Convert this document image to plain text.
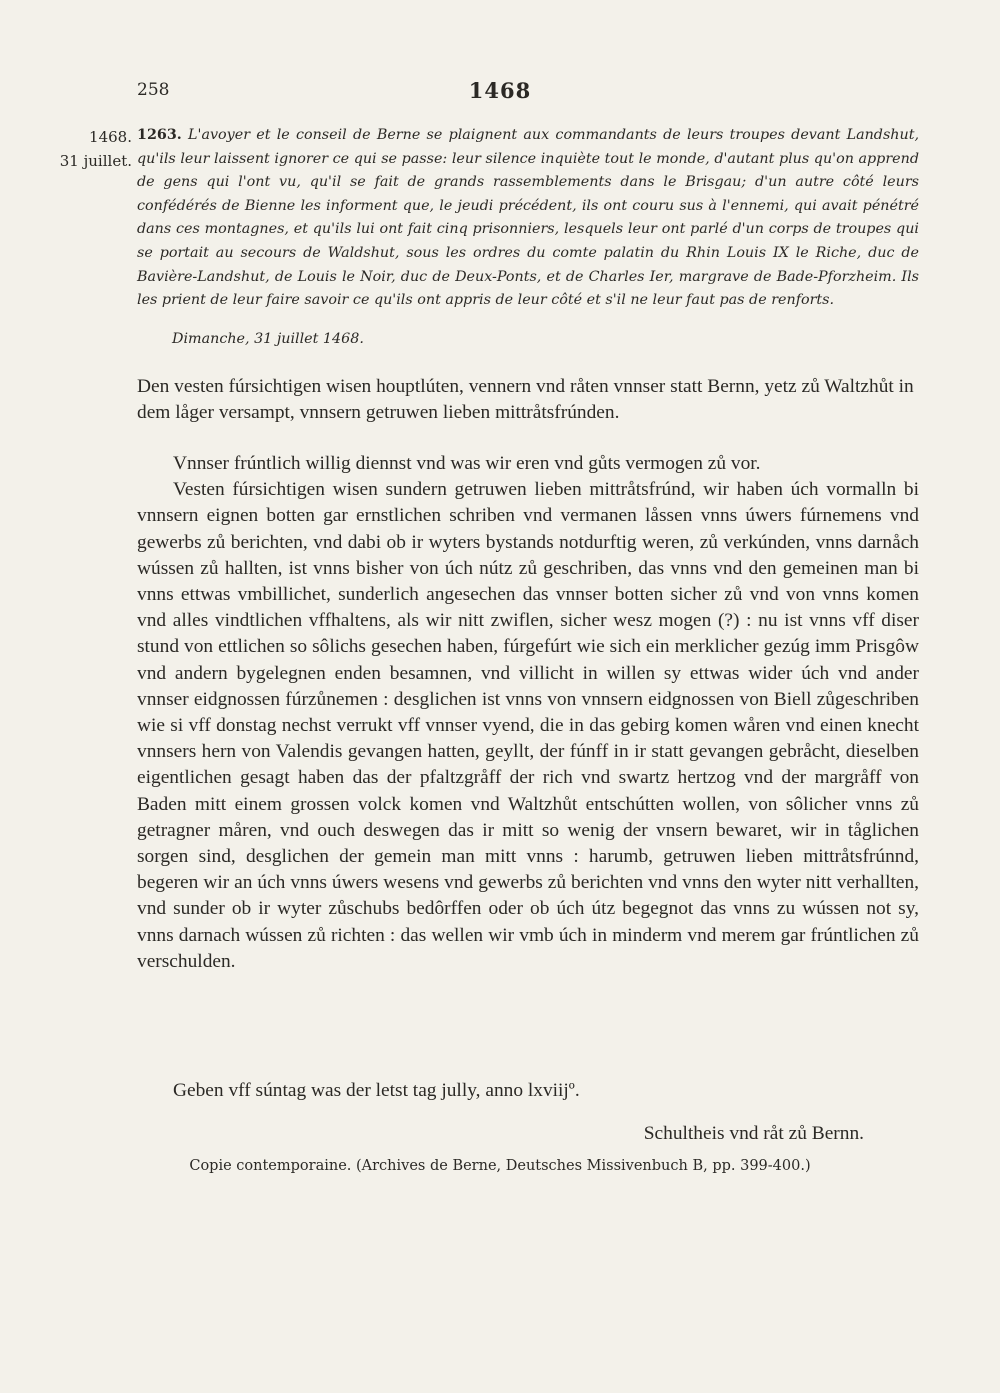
258	1468
1468.
31 juillet.
1263. L'avoyer et le conseil de Berne se plaignent aux commandants de leurs troupes devant Landshut, qu'ils leur laissent ignorer ce qui se passe: leur silence inquiète tout le monde, d'autant plus qu'on apprend de gens qui l'ont vu, qu'il se fait de grands rassemblements dans le Brisgau; d'un autre côté leurs confédérés de Bienne les informent que, le jeudi précédent, ils ont couru sus à l'ennemi, qui avait pénétré dans ces montagnes, et qu'ils lui ont fait cinq prisonniers, lesquels leur ont parlé d'un corps de troupes qui se portait au secours de Waldshut, sous les ordres du comte palatin du Rhin Louis IX le Riche, duc de Bavière-Landshut, de Louis le Noir, duc de Deux-Ponts, et de Charles Ier, margrave de Bade-Pforzheim. Ils les prient de leur faire savoir ce qu'ils ont appris de leur côté et s'il ne leur faut pas de renforts.
Dimanche, 31 juillet 1468.
Den vesten fúrsichtigen wisen houptlúten, vennern vnd råten vnnser statt Bernn, yetz zů Waltzhůt in dem låger versampt, vnnsern getruwen lieben mittråtsfrúnden.

Vnnser frúntlich willig diennst vnd was wir eren vnd gůts vermogen zů vor.

Vesten fúrsichtigen wisen sundern getruwen lieben mittråtsfrúnd, wir haben úch vormalln bi vnnsern eignen botten gar ernstlichen schriben vnd vermanen låssen vnns úwers fúrnemens vnd gewerbs zů berichten, vnd dabi ob ir wyters bystands notdurftig weren, zů verkúnden, vnns darnåch wússen zů hallten, ist vnns bisher von úch nútz zů geschriben, das vnns vnd den gemeinen man bi vnns ettwas vmbillichet, sunderlich angesechen das vnnser botten sicher zů vnd von vnns komen vnd alles vindtlichen vffhaltens, als wir nitt zwiflen, sicher wesz mogen (?) : nu ist vnns vff diser stund von ettlichen so sôlichs gesechen haben, fúrgefúrt wie sich ein merklicher gezúg imm Prisgôw vnd andern bygelegnen enden besamnen, vnd villicht in willen sy ettwas wider úch vnd ander vnnser eidgnossen fúrzůnemen : desglichen ist vnns von vnnsern eidgnossen von Biell zůgeschriben wie si vff donstag nechst verrukt vff vnnser vyend, die in das gebirg komen wåren vnd einen knecht vnnsers hern von Valendis gevangen hatten, geyllt, der fúnff in ir statt gevangen gebråcht, dieselben eigentlichen gesagt haben das der pfaltzgråff der rich vnd swartz hertzog vnd der margråff von Baden mitt einem grossen volck komen vnd Waltzhůt entschútten wollen, von sôlicher vnns zů getragner måren, vnd ouch deswegen das ir mitt so wenig der vnsern bewaret, wir in tåglichen sorgen sind, desglichen der gemein man mitt vnns : harumb, getruwen lieben mittråtsfrúnnd, begeren wir an úch vnns úwers wesens vnd gewerbs zů berichten vnd vnns den wyter nitt verhallten, vnd sunder ob ir wyter zůschubs bedôrffen oder ob úch útz begegnot das vnns zu wússen not sy, vnns darnach wússen zů richten : das wellen wir vmb úch in minderm vnd merem gar frúntlichen zů verschulden.

Geben vff súntag was der letst tag jully, anno lxviijº.
Schultheis vnd råt zů Bernn.
Copie contemporaine. (Archives de Berne, Deutsches Missivenbuch B, pp. 399-400.)
